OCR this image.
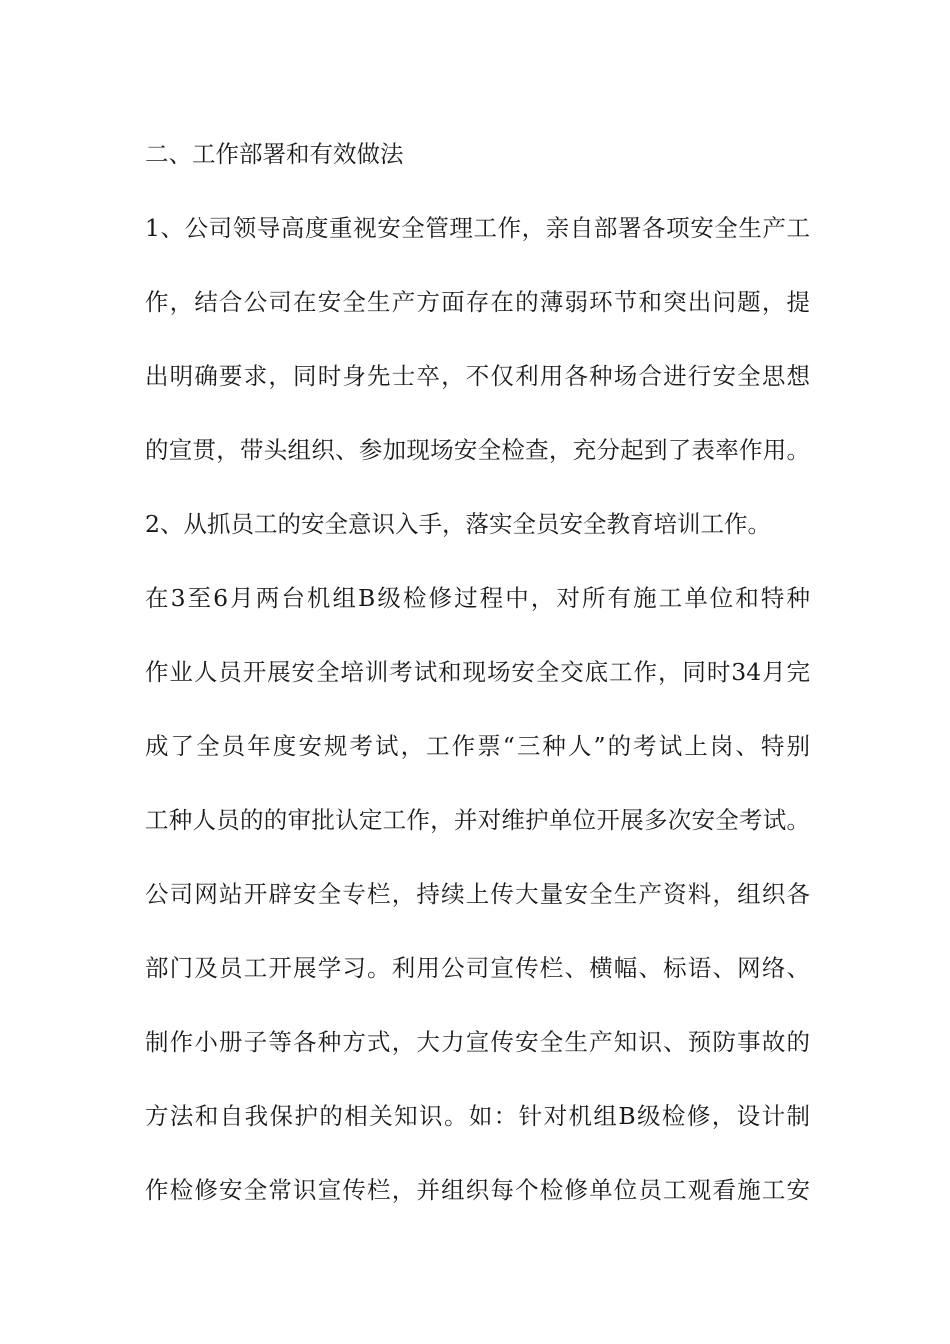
二、工作部署和有效做法
1、公司领导高度重视安全管理工作，亲自部署各项安全生产工
作，结合公司在安全生产方面存在的薄弱环节和突出问题，提
出明确要求，同时身先士卒，不仅利用各种场合进行安全思想
的宣贯，带头组织、参加现场安全检查，充分起到了表率作用。
2、从抓员工的安全意识入手，落实全员安全教育培训工作。
在3至6月两台机组B级检修过程中，对所有施工单位和特种
作业人员开展安全培训考试和现场安全交底工作，同时34月完
成了全员年度安规考试，工作票“三种人”的考试上岗、特别
工种人员的的审批认定工作，并对维护单位开展多次安全考试。
公司网站开辟安全专栏，持续上传大量安全生产资料，组织各
部门及员工开展学习。利用公司宣传栏、横幅、标语、网络、
制作小册子等各种方式，大力宣传安全生产知识、预防事故的
方法和自我保护的相关知识。如：针对机组B级检修，设计制
作检修安全常识宣传栏，并组织每个检修单位员工观看施工安
